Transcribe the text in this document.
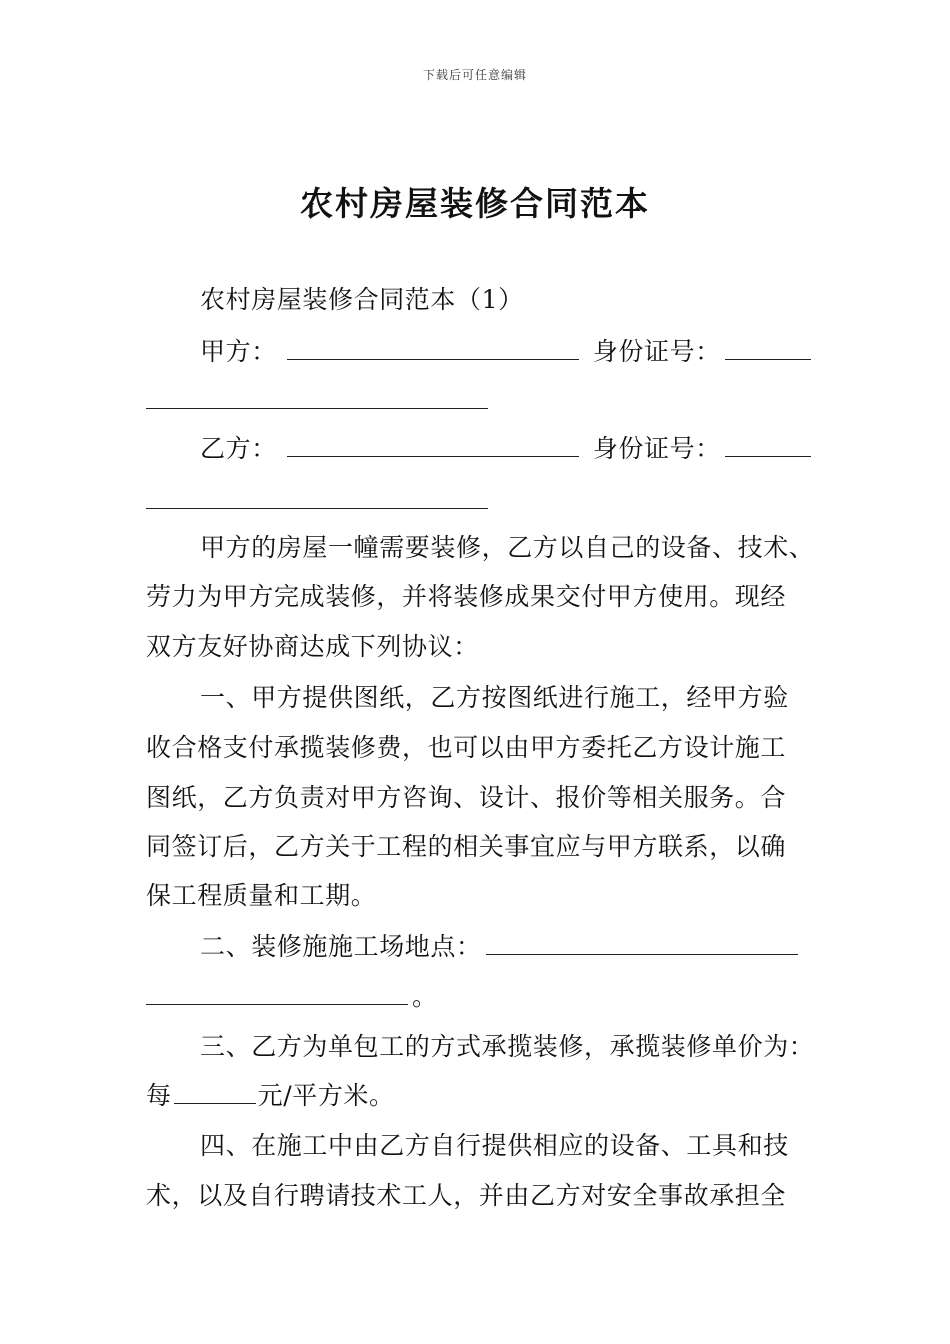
下载后可任意编辑
农村房屋装修合同范本
农村房屋装修合同范本（1）
甲方：	身份证号：
乙方：	身份证号：
甲方的房屋一幢需要装修，乙方以自己的设备、技术、
劳力为甲方完成装修，并将装修成果交付甲方使用。现经
双方友好协商达成下列协议：
一、甲方提供图纸，乙方按图纸进行施工，经甲方验
收合格支付承揽装修费，也可以由甲方委托乙方设计施工
图纸，乙方负责对甲方咨询、设计、报价等相关服务。合
同签订后，乙方关于工程的相关事宜应与甲方联系，以确
保工程质量和工期。
二、装修施施工场地点：
。
三、乙方为单包工的方式承揽装修，承揽装修单价为：
每	元/平方米。
四、在施工中由乙方自行提供相应的设备、工具和技
术，以及自行聘请技术工人，并由乙方对安全事故承担全
